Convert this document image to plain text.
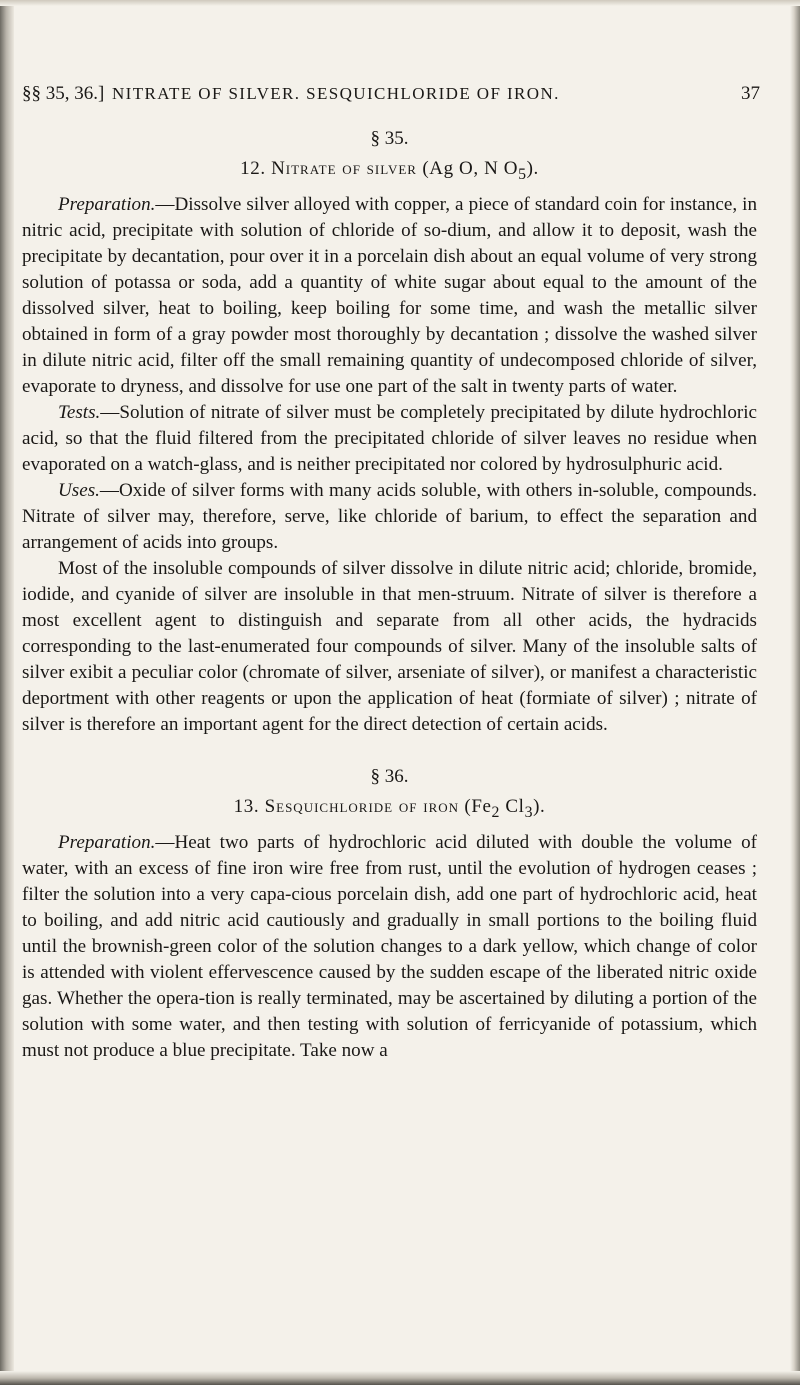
§§ 35, 36.] NITRATE OF SILVER. SESQUICHLORIDE OF IRON.	37
§ 35.
12. Nitrate of silver (Ag O, N $O_5$).

Preparation.—Dissolve silver alloyed with copper, a piece of standard coin for instance, in nitric acid, precipitate with solution of chloride of so-dium, and allow it to deposit, wash the precipitate by decantation, pour over it in a porcelain dish about an equal volume of very strong solution of potassa or soda, add a quantity of white sugar about equal to the amount of the dissolved silver, heat to boiling, keep boiling for some time, and wash the metallic silver obtained in form of a gray powder most thoroughly by decantation ; dissolve the washed silver in dilute nitric acid, filter off the small remaining quantity of undecomposed chloride of silver, evaporate to dryness, and dissolve for use one part of the salt in twenty parts of water.

Tests.—Solution of nitrate of silver must be completely precipitated by dilute hydrochloric acid, so that the fluid filtered from the precipitated chloride of silver leaves no residue when evaporated on a watch-glass, and is neither precipitated nor colored by hydrosulphuric acid.

Uses.—Oxide of silver forms with many acids soluble, with others in-soluble, compounds. Nitrate of silver may, therefore, serve, like chloride of barium, to effect the separation and arrangement of acids into groups.

Most of the insoluble compounds of silver dissolve in dilute nitric acid; chloride, bromide, iodide, and cyanide of silver are insoluble in that men-struum. Nitrate of silver is therefore a most excellent agent to distinguish and separate from all other acids, the hydracids corresponding to the last-enumerated four compounds of silver. Many of the insoluble salts of silver exibit a peculiar color (chromate of silver, arseniate of silver), or manifest a characteristic deportment with other reagents or upon the application of heat (formiate of silver) ; nitrate of silver is therefore an important agent for the direct detection of certain acids.

§ 36.
13. Sesquichloride of iron ($Fe_2$ $Cl_3$).

Preparation.—Heat two parts of hydrochloric acid diluted with double the volume of water, with an excess of fine iron wire free from rust, until the evolution of hydrogen ceases ; filter the solution into a very capa-cious porcelain dish, add one part of hydrochloric acid, heat to boiling, and add nitric acid cautiously and gradually in small portions to the boiling fluid until the brownish-green color of the solution changes to a dark yellow, which change of color is attended with violent effervescence caused by the sudden escape of the liberated nitric oxide gas. Whether the opera-tion is really terminated, may be ascertained by diluting a portion of the solution with some water, and then testing with solution of ferricyanide of potassium, which must not produce a blue precipitate. Take now a
